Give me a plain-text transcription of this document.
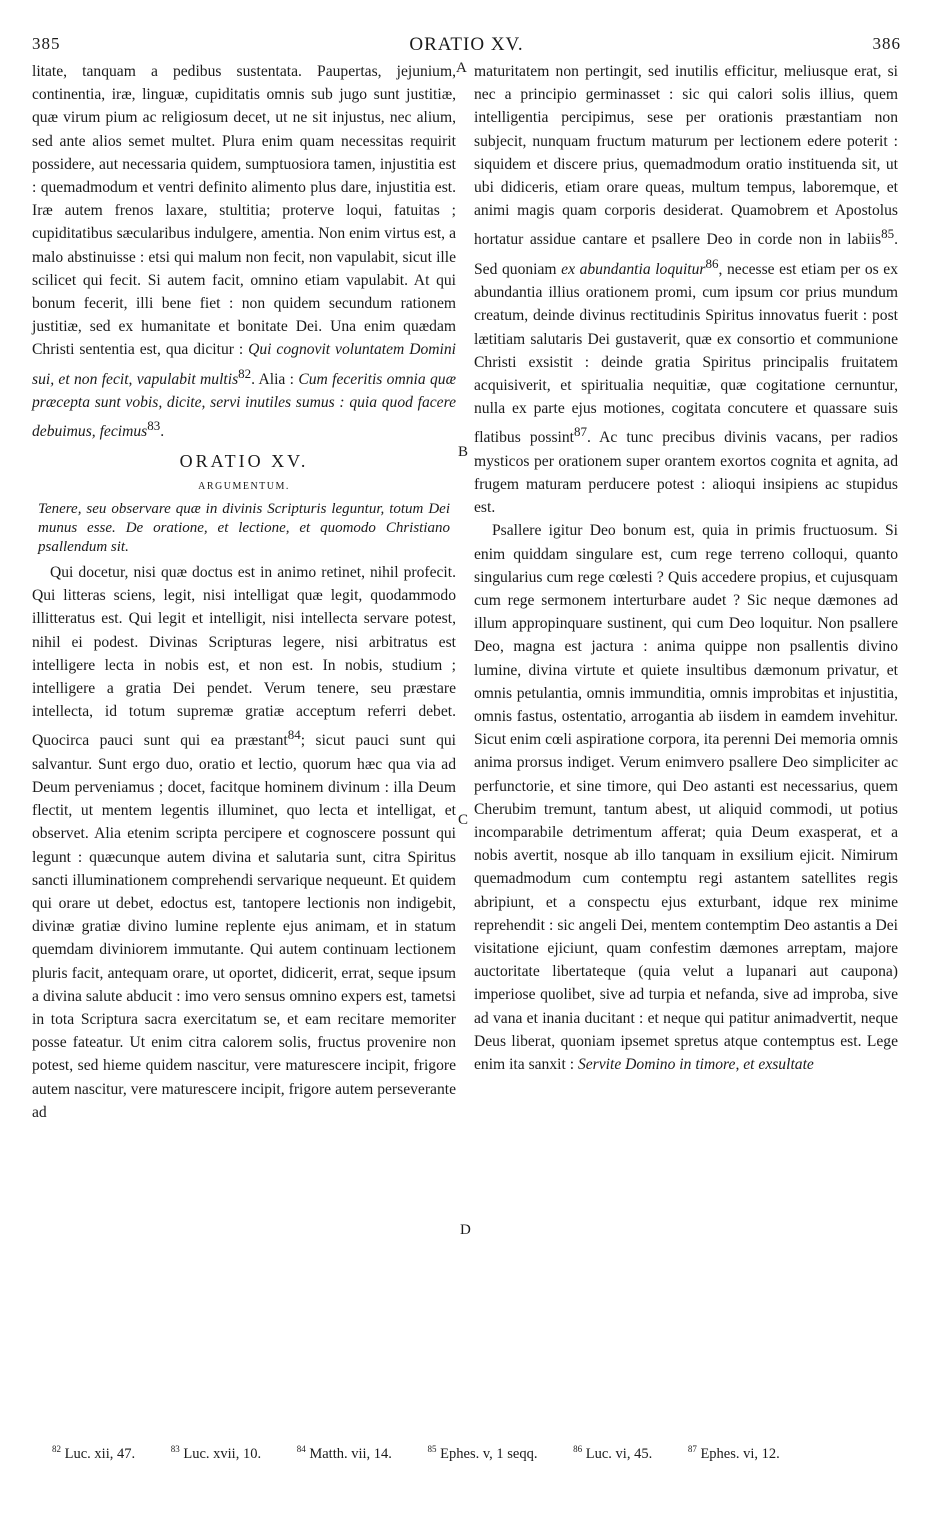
385	ORATIO XV.	386

litate, tanquam a pedibus sustentata. Paupertas, jejunium, continentia, iræ, linguæ, cupiditatis omnis sub jugo sunt justitiæ, quæ virum pium ac religiosum decet, ut ne sit injustus, nec alium, sed ante alios semet multet. Plura enim quam necessitas requirit possidere, aut necessaria quidem, sumptuosiora tamen, injustitia est : quemadmodum et ventri definito alimento plus dare, injustitia est. Iræ autem frenos laxare, stultitia; proterve loqui, fatuitas ; cupiditatibus sæcularibus indulgere, amentia. Non enim virtus est, a malo abstinuisse : etsi qui malum non fecit, non vapulabit, sicut ille scilicet qui fecit. Si autem facit, omnino etiam vapulabit. At qui bonum fecerit, illi bene fiet : non quidem secundum rationem justitiæ, sed ex humanitate et bonitate Dei. Una enim quædam Christi sententia est, qua dicitur : Qui cognovit voluntatem Domini sui, et non fecit, vapulabit multis$^{82}$. Alia : Cum feceritis omnia quæ præcepta sunt vobis, dicite, servi inutiles sumus : quia quod facere debuimus, fecimus$^{83}$.

ORATIO XV.
ARGUMENTUM.
Tenere, seu observare quæ in divinis Scripturis leguntur, totum Dei munus esse. De oratione, et lectione, et quomodo Christiano psallendum sit.

Qui docetur, nisi quæ doctus est in animo retinet, nihil profecit. Qui litteras sciens, legit, nisi intelligat quæ legit, quodammodo illitteratus est. Qui legit et intelligit, nisi intellecta servare potest, nihil ei podest. Divinas Scripturas legere, nisi arbitratus est intelligere lecta in nobis est, et non est. In nobis, studium ; intelligere a gratia Dei pendet. Verum tenere, seu præstare intellecta, id totum supremæ gratiæ acceptum referri debet. Quocirca pauci sunt qui ea præstant$^{84}$; sicut pauci sunt qui salvantur. Sunt ergo duo, oratio et lectio, quorum hæc qua via ad Deum perveniamus ; docet, facitque hominem divinum : illa Deum flectit, ut mentem legentis illuminet, quo lecta et intelligat, et observet. Alia etenim scripta percipere et cognoscere possunt qui legunt : quæcunque autem divina et salutaria sunt, citra Spiritus sancti illuminationem comprehendi servarique nequeunt. Et quidem qui orare ut debet, edoctus est, tantopere lectionis non indigebit, divinæ gratiæ divino lumine replente ejus animam, et in statum quemdam diviniorem immutante. Qui autem continuam lectionem pluris facit, antequam orare, ut oportet, didicerit, errat, seque ipsum a divina salute abducit : imo vero sensus omnino expers est, tametsi in tota Scriptura sacra exercitatum se, et eam recitare memoriter posse fateatur. Ut enim citra calorem solis, fructus provenire non potest, sed hieme quidem nascitur, vere maturescere incipit, frigore autem nascitur, vere maturescere incipit, frigore autem perseverante ad

A
B
C
D

maturitatem non pertingit, sed inutilis efficitur, meliusque erat, si nec a principio germinasset : sic qui calori solis illius, quem intelligentia percipimus, sese per orationis præstantiam non subjecit, nunquam fructum maturum per lectionem edere poterit : siquidem et discere prius, quemadmodum oratio instituenda sit, ut ubi didiceris, etiam orare queas, multum tempus, laboremque, et animi magis quam corporis desiderat. Quamobrem et Apostolus hortatur assidue cantare et psallere Deo in corde non in labiis$^{85}$. Sed quoniam ex abundantia loquitur$^{86}$, necesse est etiam per os ex abundantia illius orationem promi, cum ipsum cor prius mundum creatum, deinde divinus rectitudinis Spiritus innovatus fuerit : post lætitiam salutaris Dei gustaverit, quæ ex consortio et communione Christi exsistit : deinde gratia Spiritus principalis fruitatem acquisiverit, et spiritualia nequitiæ, quæ cogitatione cernuntur, nulla ex parte ejus motiones, cogitata concutere et quassare suis flatibus possint$^{87}$. Ac tunc precibus divinis vacans, per radios mysticos per orationem super orantem exortos cognita et agnita, ad frugem maturam perducere potest : alioqui insipiens ac stupidus est.

Psallere igitur Deo bonum est, quia in primis fructuosum. Si enim quiddam singulare est, cum rege terreno colloqui, quanto singularius cum rege cœlesti ? Quis accedere propius, et cujusquam cum rege sermonem interturbare audet ? Sic neque dæmones ad illum appropinquare sustinent, qui cum Deo loquitur. Non psallere Deo, magna est jactura : anima quippe non psallentis divino lumine, divina virtute et quiete insultibus dæmonum privatur, et omnis petulantia, omnis immunditia, omnis improbitas et injustitia, omnis fastus, ostentatio, arrogantia ab iisdem in eamdem invehitur. Sicut enim cœli aspiratione corpora, ita perenni Dei memoria omnis anima prorsus indiget. Verum enimvero psallere Deo simpliciter ac perfunctorie, et sine timore, qui Deo astanti est necessarius, quem Cherubim tremunt, tantum abest, ut aliquid commodi, ut potius incomparabile detrimentum afferat; quia Deum exasperat, et a nobis avertit, nosque ab illo tanquam in exsilium ejicit. Nimirum quemadmodum cum contemptu regi astantem satellites regis abripiunt, et a conspectu ejus exturbant, idque rex minime reprehendit : sic angeli Dei, mentem contemptim Deo astantis a Dei visitatione ejiciunt, quam confestim dæmones arreptam, majore auctoritate libertateque (quia velut a lupanari aut caupona) imperiose quolibet, sive ad turpia et nefanda, sive ad improba, sive ad vana et inania ducitant : et neque qui patitur animadvertit, neque Deus liberat, quoniam ipsemet spretus atque contemptus est. Lege enim ita sanxit : Servite Domino in timore, et exsultate

$^{82}$ Luc. xii, 47.	$^{83}$ Luc. xvii, 10.	$^{84}$ Matth. vii, 14.	$^{85}$ Ephes. v, 1 seqq.	$^{86}$ Luc. vi, 45.	$^{87}$ Ephes. vi, 12.
